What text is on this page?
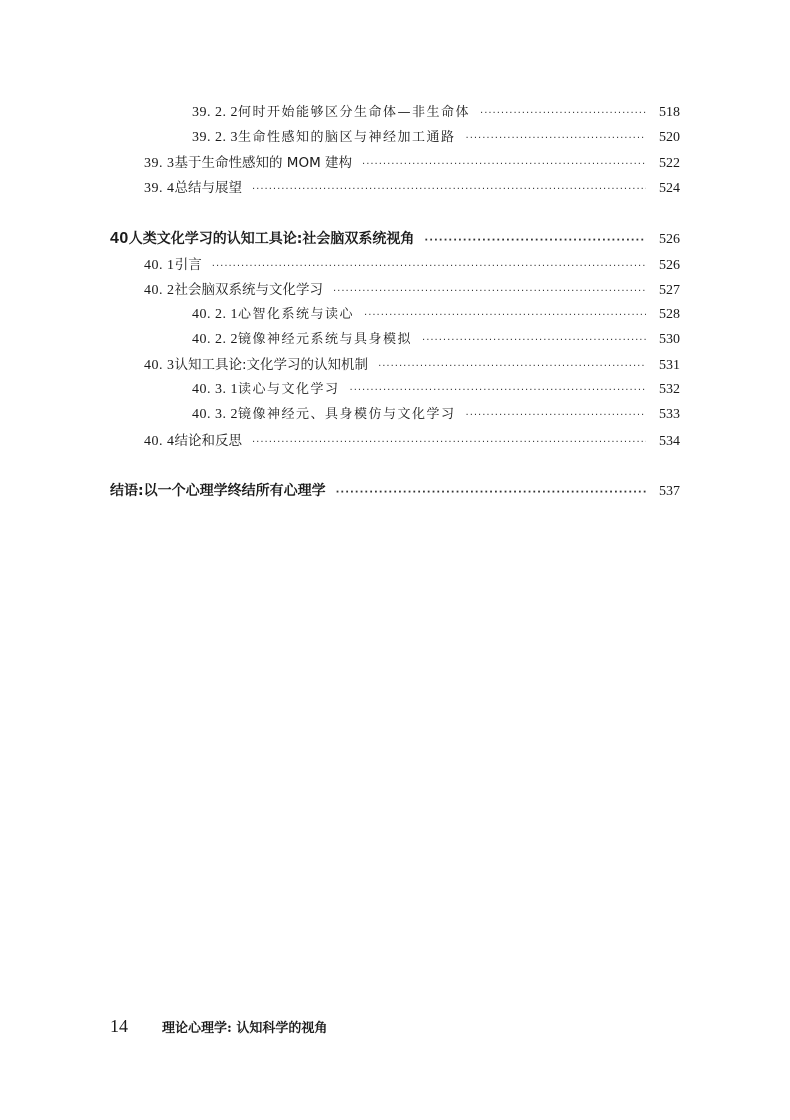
39. 2. 2 何时开始能够区分生命体—非生命体 ·····	518
39. 2. 3 生命性感知的脑区与神经加工通路 ·····	520
39. 3 基于生命性感知的 MOM 建构 ·····	522
39. 4 总结与展望 ·····	524
40 人类文化学习的认知工具论:社会脑双系统视角 ·····	526
40. 1 引言 ·····	526
40. 2 社会脑双系统与文化学习 ·····	527
40. 2. 1 心智化系统与读心 ·····	528
40. 2. 2 镜像神经元系统与具身模拟 ·····	530
40. 3 认知工具论:文化学习的认知机制 ·····	531
40. 3. 1 读心与文化学习 ·····	532
40. 3. 2 镜像神经元、具身模仿与文化学习 ·····	533
40. 4 结论和反思 ·····	534
结语:以一个心理学终结所有心理学 ·····	537
14	理论心理学: 认知科学的视角
